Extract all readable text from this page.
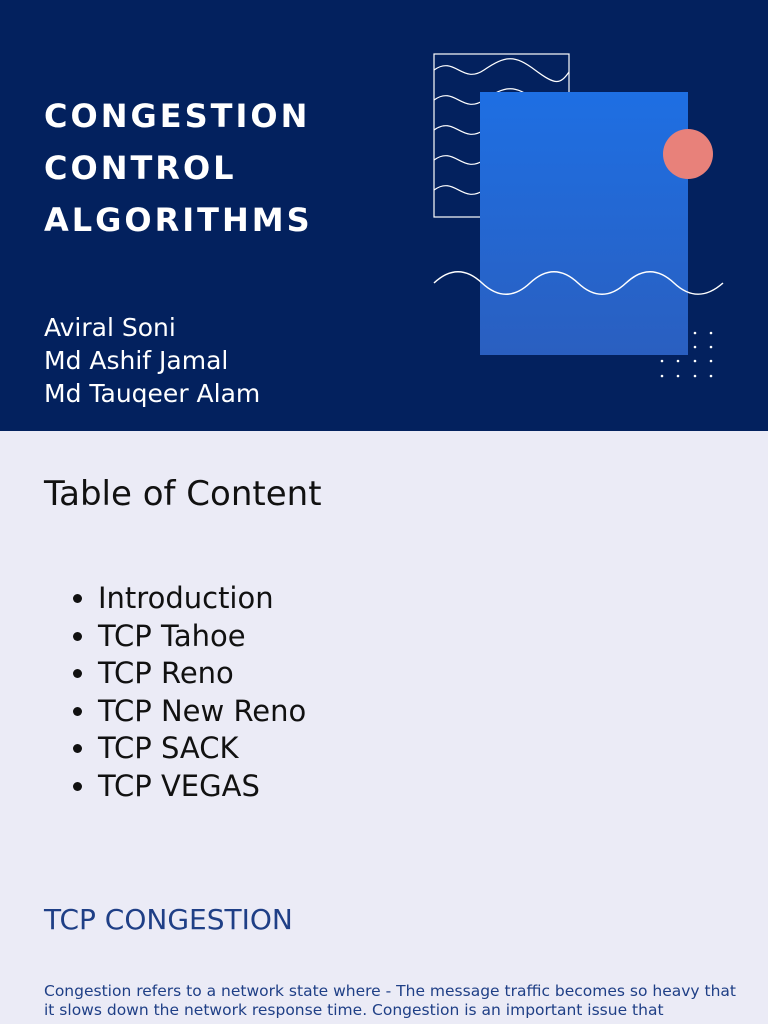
CONGESTION
CONTROL
ALGORITHMS
Aviral Soni
Md Ashif Jamal
Md Tauqeer Alam
Table of Content
• Introduction
• TCP Tahoe
• TCP Reno
• TCP New Reno
• TCP SACK
• TCP VEGAS
TCP CONGESTION

Congestion refers to a network state where - The message traffic becomes so heavy that it slows down the network response time. Congestion is an important issue that
